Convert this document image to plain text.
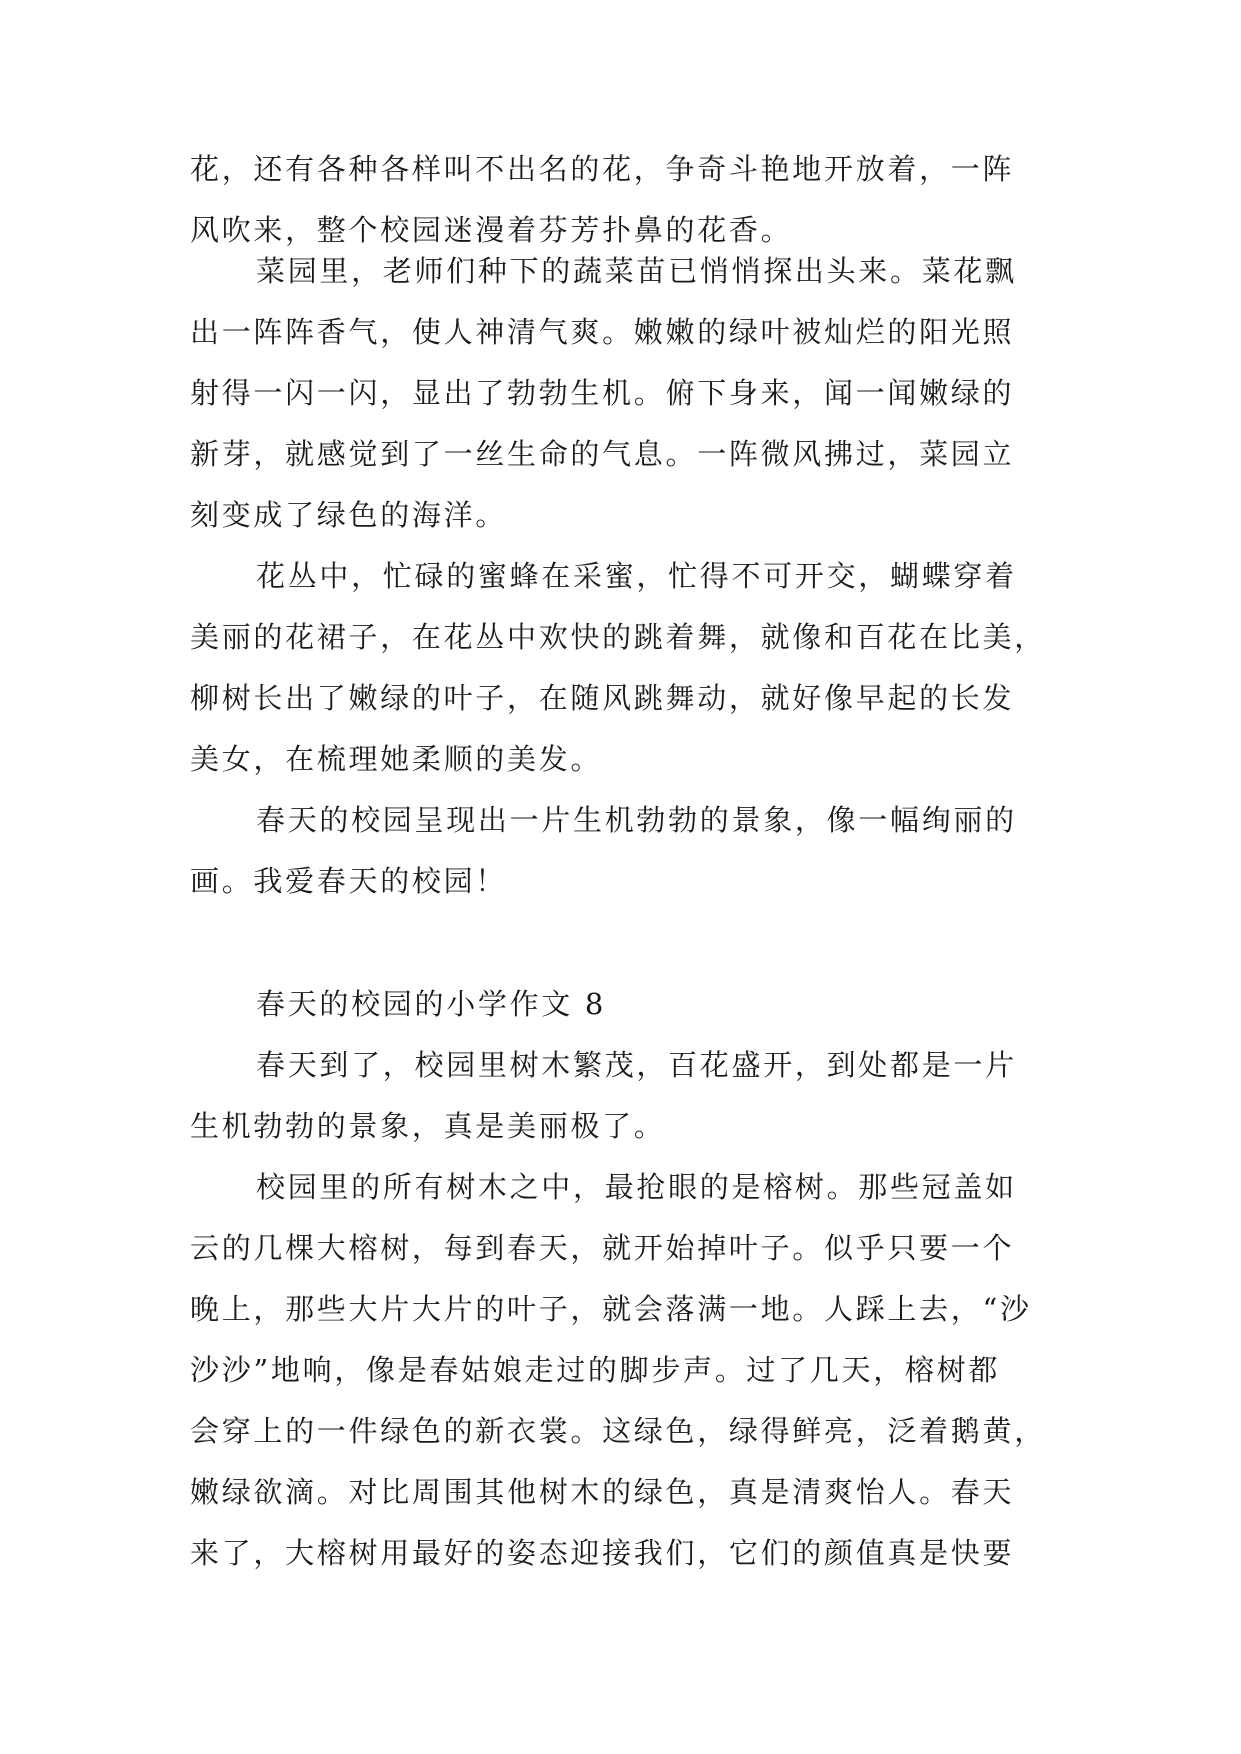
花，还有各种各样叫不出名的花，争奇斗艳地开放着，一阵
风吹来，整个校园迷漫着芬芳扑鼻的花香。
菜园里，老师们种下的蔬菜苗已悄悄探出头来。菜花飘
出一阵阵香气，使人神清气爽。嫩嫩的绿叶被灿烂的阳光照
射得一闪一闪，显出了勃勃生机。俯下身来，闻一闻嫩绿的
新芽，就感觉到了一丝生命的气息。一阵微风拂过，菜园立
刻变成了绿色的海洋。
花丛中，忙碌的蜜蜂在采蜜，忙得不可开交，蝴蝶穿着
美丽的花裙子，在花丛中欢快的跳着舞，就像和百花在比美，
柳树长出了嫩绿的叶子，在随风跳舞动，就好像早起的长发
美女，在梳理她柔顺的美发。
春天的校园呈现出一片生机勃勃的景象，像一幅绚丽的
画。我爱春天的校园！
春天的校园的小学作文 8
春天到了，校园里树木繁茂，百花盛开，到处都是一片
生机勃勃的景象，真是美丽极了。
校园里的所有树木之中，最抢眼的是榕树。那些冠盖如
云的几棵大榕树，每到春天，就开始掉叶子。似乎只要一个
晚上，那些大片大片的叶子，就会落满一地。人踩上去，“沙
沙沙”地响，像是春姑娘走过的脚步声。过了几天，榕树都
会穿上的一件绿色的新衣裳。这绿色，绿得鲜亮，泛着鹅黄，
嫩绿欲滴。对比周围其他树木的绿色，真是清爽怡人。春天
来了，大榕树用最好的姿态迎接我们，它们的颜值真是快要
